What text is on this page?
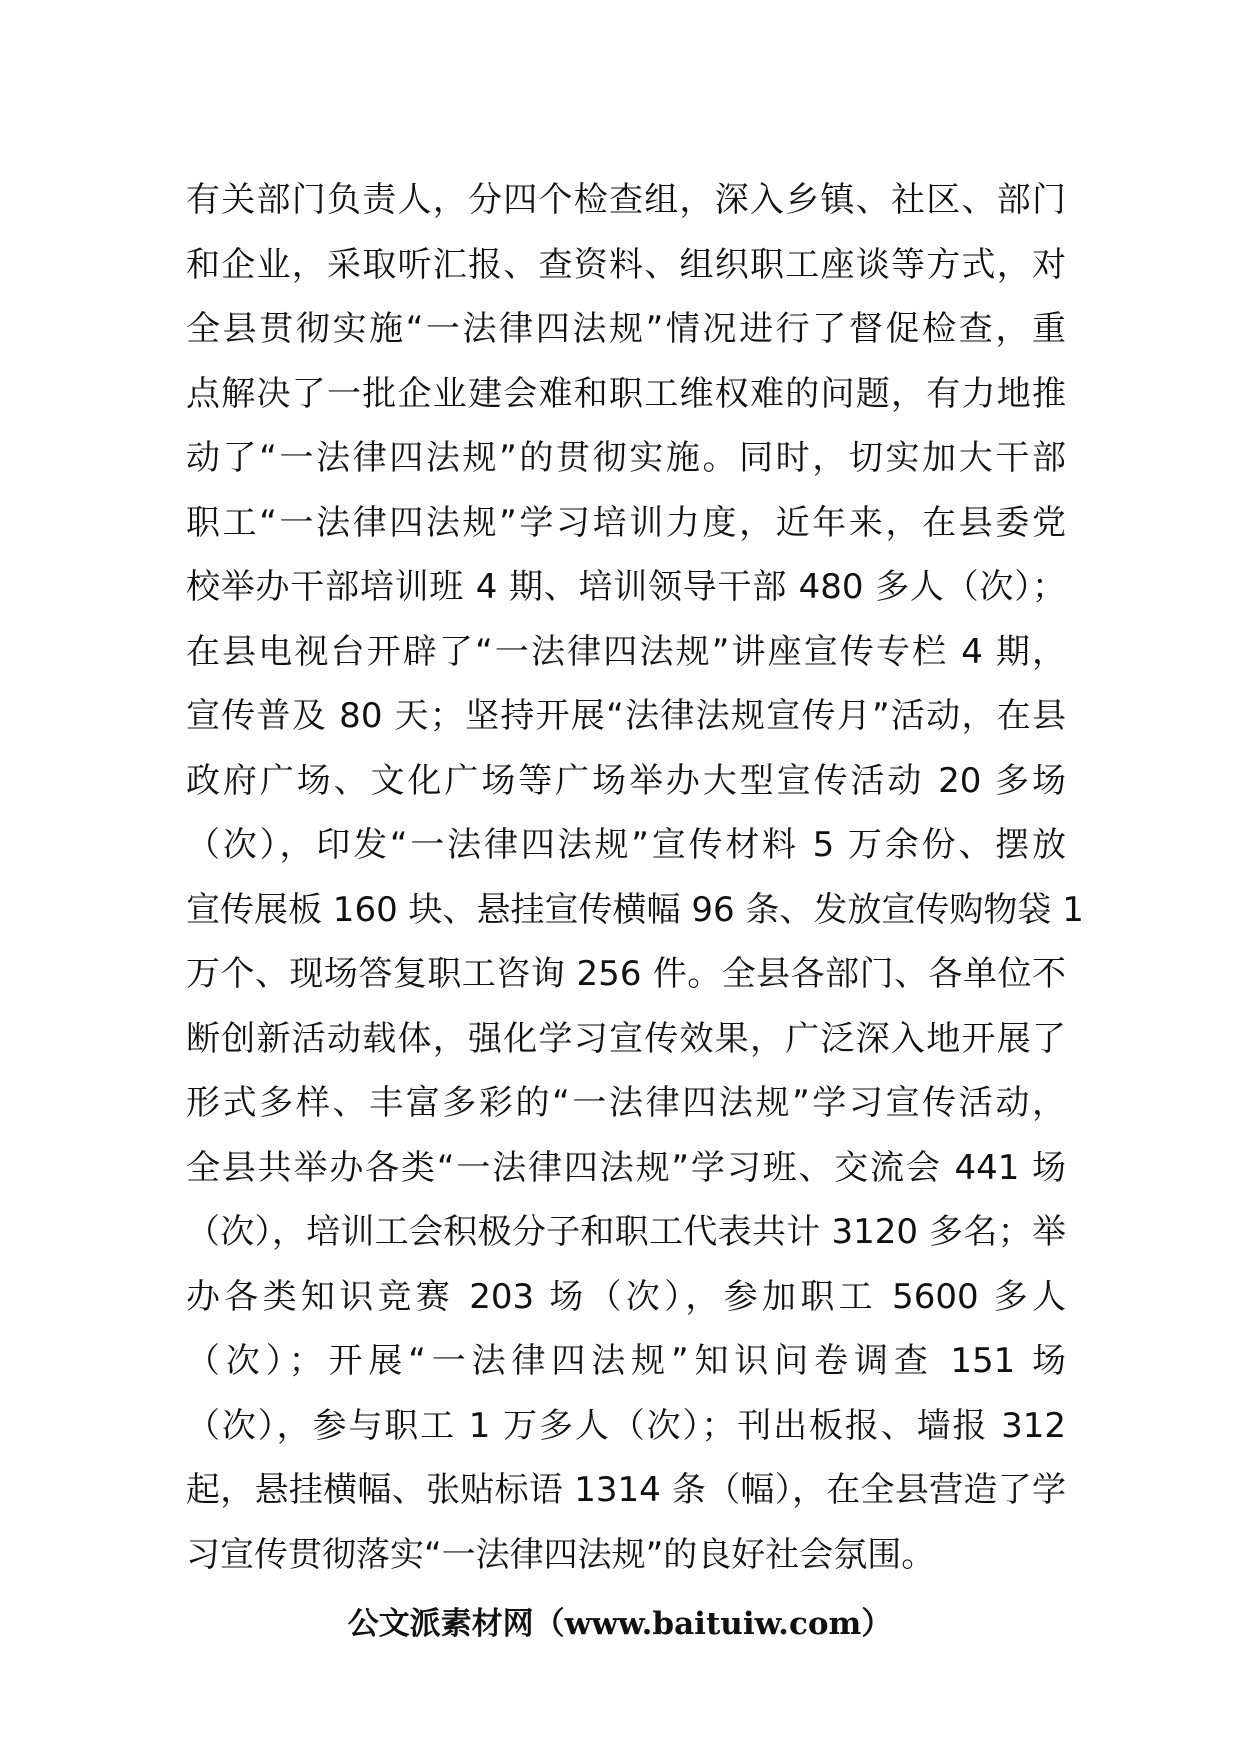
有关部门负责人，分四个检查组，深入乡镇、社区、部门
和企业，采取听汇报、查资料、组织职工座谈等方式，对
全县贯彻实施“一法律四法规”情况进行了督促检查，重
点解决了一批企业建会难和职工维权难的问题，有力地推
动了“一法律四法规”的贯彻实施。同时，切实加大干部
职工“一法律四法规”学习培训力度，近年来，在县委党
校举办干部培训班 4 期、培训领导干部 480 多人（次）；
在县电视台开辟了“一法律四法规”讲座宣传专栏 4 期，
宣传普及 80 天；坚持开展“法律法规宣传月”活动，在县
政府广场、文化广场等广场举办大型宣传活动 20 多场
（次），印发“一法律四法规”宣传材料 5 万余份、摆放
宣传展板 160 块、悬挂宣传横幅 96 条、发放宣传购物袋 1
万个、现场答复职工咨询 256 件。全县各部门、各单位不
断创新活动载体，强化学习宣传效果，广泛深入地开展了
形式多样、丰富多彩的“一法律四法规”学习宣传活动，
全县共举办各类“一法律四法规”学习班、交流会 441 场
（次），培训工会积极分子和职工代表共计 3120 多名；举
办各类知识竞赛 203 场（次），参加职工 5600 多人
（次）；开展“一法律四法规”知识问卷调查 151 场
（次），参与职工 1 万多人（次）；刊出板报、墙报 312
起，悬挂横幅、张贴标语 1314 条（幅），在全县营造了学
习宣传贯彻落实“一法律四法规”的良好社会氛围。
公文派素材网（www.baituiw.com）
